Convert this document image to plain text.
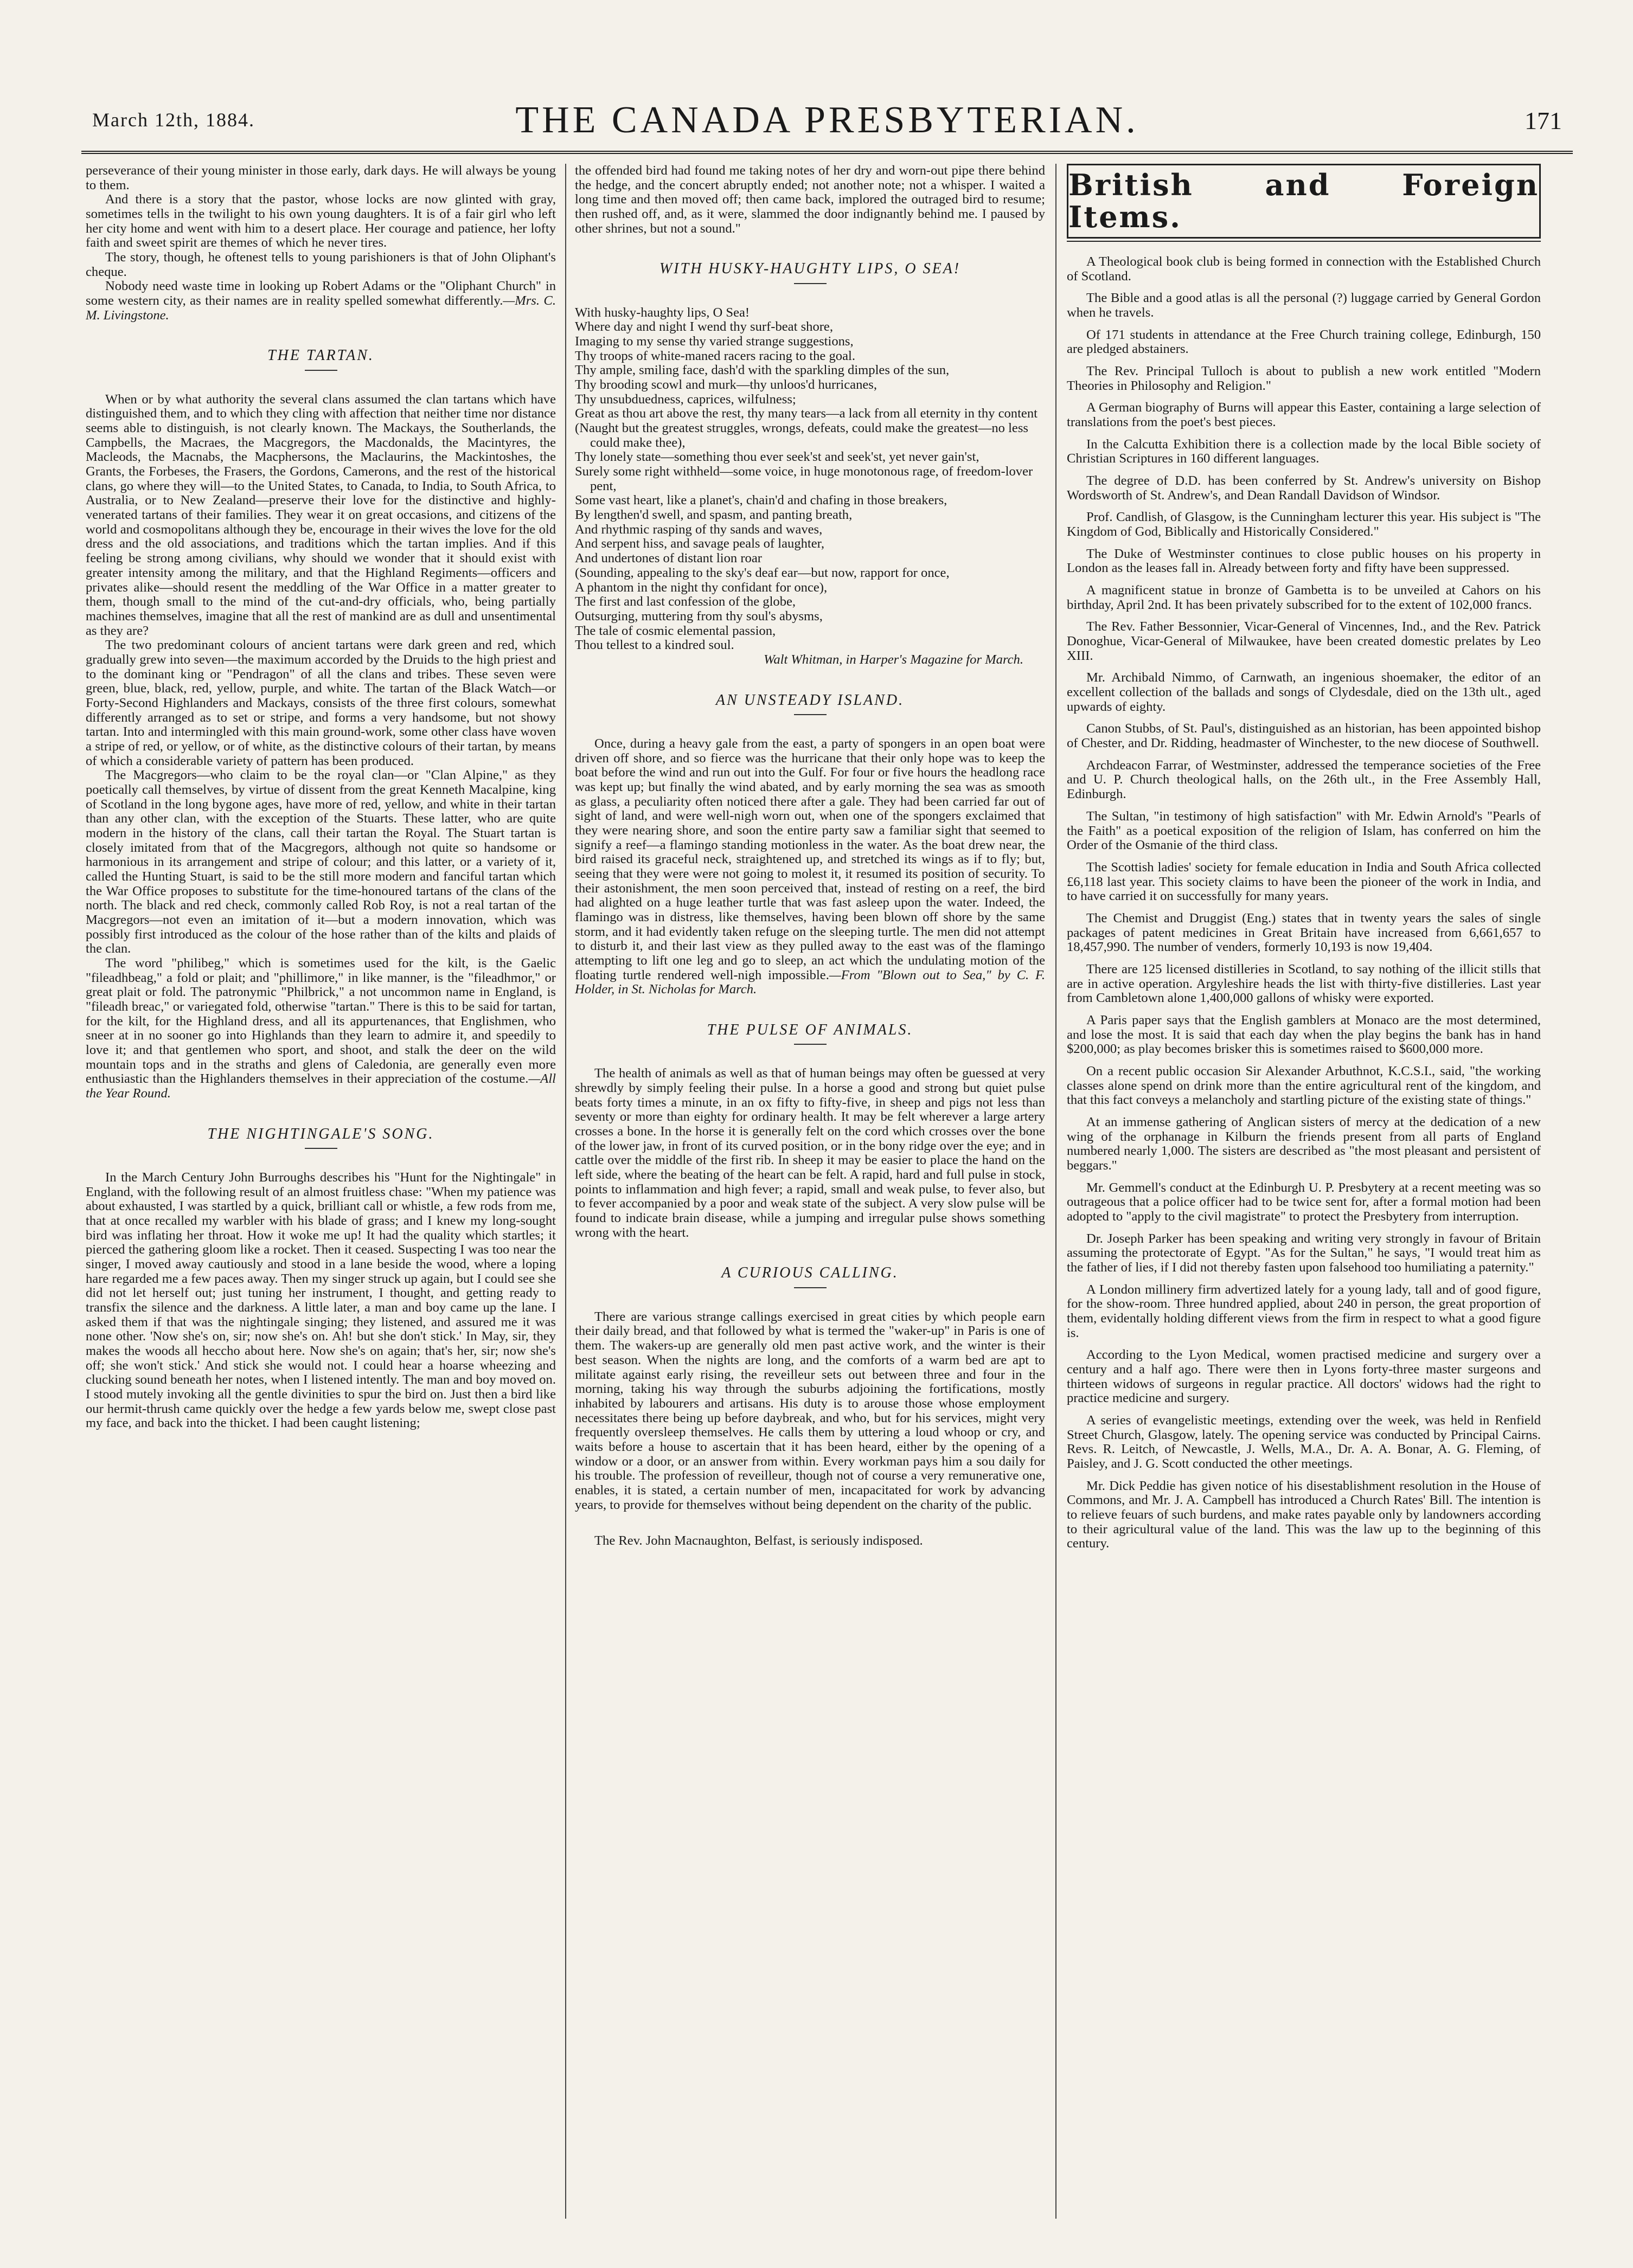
March 12th, 1884.	THE CANADA PRESBYTERIAN.	171

perseverance of their young minister in those early, dark days. He will always be young to them.

And there is a story that the pastor, whose locks are now glinted with gray, sometimes tells in the twilight to his own young daughters. It is of a fair girl who left her city home and went with him to a desert place. Her courage and patience, her lofty faith and sweet spirit are themes of which he never tires.

The story, though, he oftenest tells to young parishioners is that of John Oliphant's cheque.

Nobody need waste time in looking up Robert Adams or the "Oliphant Church" in some western city, as their names are in reality spelled somewhat differently.—Mrs. C. M. Livingstone.

THE TARTAN.

When or by what authority the several clans assumed the clan tartans which have distinguished them, and to which they cling with affection that neither time nor distance seems able to distinguish, is not clearly known. The Mackays, the Southerlands, the Campbells, the Macraes, the Macgregors, the Macdonalds, the Macintyres, the Macleods, the Macnabs, the Macphersons, the Maclaurins, the Mackintoshes, the Grants, the Forbeses, the Frasers, the Gordons, Camerons, and the rest of the historical clans, go where they will—to the United States, to Canada, to India, to South Africa, to Australia, or to New Zealand—preserve their love for the distinctive and highly-venerated tartans of their families. They wear it on great occasions, and citizens of the world and cosmopolitans although they be, encourage in their wives the love for the old dress and the old associations, and traditions which the tartan implies. And if this feeling be strong among civilians, why should we wonder that it should exist with greater intensity among the military, and that the Highland Regiments—officers and privates alike—should resent the meddling of the War Office in a matter greater to them, though small to the mind of the cut-and-dry officials, who, being partially machines themselves, imagine that all the rest of mankind are as dull and unsentimental as they are?

The two predominant colours of ancient tartans were dark green and red, which gradually grew into seven—the maximum accorded by the Druids to the high priest and to the dominant king or "Pendragon" of all the clans and tribes. These seven were green, blue, black, red, yellow, purple, and white. The tartan of the Black Watch—or Forty-Second Highlanders and Mackays, consists of the three first colours, somewhat differently arranged as to set or stripe, and forms a very handsome, but not showy tartan. Into and intermingled with this main ground-work, some other class have woven a stripe of red, or yellow, or of white, as the distinctive colours of their tartan, by means of which a considerable variety of pattern has been produced.

The Macgregors—who claim to be the royal clan—or "Clan Alpine," as they poetically call themselves, by virtue of dissent from the great Kenneth Macalpine, king of Scotland in the long bygone ages, have more of red, yellow, and white in their tartan than any other clan, with the exception of the Stuarts. These latter, who are quite modern in the history of the clans, call their tartan the Royal. The Stuart tartan is closely imitated from that of the Macgregors, although not quite so handsome or harmonious in its arrangement and stripe of colour; and this latter, or a variety of it, called the Hunting Stuart, is said to be the still more modern and fanciful tartan which the War Office proposes to substitute for the time-honoured tartans of the clans of the north. The black and red check, commonly called Rob Roy, is not a real tartan of the Macgregors—not even an imitation of it—but a modern innovation, which was possibly first introduced as the colour of the hose rather than of the kilts and plaids of the clan.

The word "philibeg," which is sometimes used for the kilt, is the Gaelic "fileadhbeag," a fold or plait; and "phillimore," in like manner, is the "fileadhmor," or great plait or fold. The patronymic "Philbrick," a not uncommon name in England, is "fileadh breac," or variegated fold, otherwise "tartan." There is this to be said for tartan, for the kilt, for the Highland dress, and all its appurtenances, that Englishmen, who sneer at in no sooner go into Highlands than they learn to admire it, and speedily to love it; and that gentlemen who sport, and shoot, and stalk the deer on the wild mountain tops and in the straths and glens of Caledonia, are generally even more enthusiastic than the Highlanders themselves in their appreciation of the costume.—All the Year Round.

THE NIGHTINGALE'S SONG.

In the March Century John Burroughs describes his "Hunt for the Nightingale" in England, with the following result of an almost fruitless chase: "When my patience was about exhausted, I was startled by a quick, brilliant call or whistle, a few rods from me, that at once recalled my warbler with his blade of grass; and I knew my long-sought bird was inflating her throat. How it woke me up! It had the quality which startles; it pierced the gathering gloom like a rocket. Then it ceased. Suspecting I was too near the singer, I moved away cautiously and stood in a lane beside the wood, where a loping hare regarded me a few paces away. Then my singer struck up again, but I could see she did not let herself out; just tuning her instrument, I thought, and getting ready to transfix the silence and the darkness. A little later, a man and boy came up the lane. I asked them if that was the nightingale singing; they listened, and assured me it was none other. 'Now she's on, sir; now she's on. Ah! but she don't stick.' In May, sir, they makes the woods all heccho about here. Now she's on again; that's her, sir; now she's off; she won't stick.' And stick she would not. I could hear a hoarse wheezing and clucking sound beneath her notes, when I listened intently. The man and boy moved on. I stood mutely invoking all the gentle divinities to spur the bird on. Just then a bird like our hermit-thrush came quickly over the hedge a few yards below me, swept close past my face, and back into the thicket. I had been caught listening;

the offended bird had found me taking notes of her dry and worn-out pipe there behind the hedge, and the concert abruptly ended; not another note; not a whisper. I waited a long time and then moved off; then came back, implored the outraged bird to resume; then rushed off, and, as it were, slammed the door indignantly behind me. I paused by other shrines, but not a sound."

WITH HUSKY-HAUGHTY LIPS, O SEA!

With husky-haughty lips, O Sea!

Where day and night I wend thy surf-beat shore,

Imaging to my sense thy varied strange suggestions,

Thy troops of white-maned racers racing to the goal.

Thy ample, smiling face, dash'd with the sparkling dimples of the sun,

Thy brooding scowl and murk—thy unloos'd hurricanes,

Thy unsubduedness, caprices, wilfulness;

Great as thou art above the rest, thy many tears—a lack from all eternity in thy content

(Naught but the greatest struggles, wrongs, defeats, could make the greatest—no less could make thee),

Thy lonely state—something thou ever seek'st and seek'st, yet never gain'st,

Surely some right withheld—some voice, in huge monotonous rage, of freedom-lover pent,

Some vast heart, like a planet's, chain'd and chafing in those breakers,

By lengthen'd swell, and spasm, and panting breath,

And rhythmic rasping of thy sands and waves,

And serpent hiss, and savage peals of laughter,

And undertones of distant lion roar

(Sounding, appealing to the sky's deaf ear—but now, rapport for once,

A phantom in the night thy confidant for once),

The first and last confession of the globe,

Outsurging, muttering from thy soul's abysms,

The tale of cosmic elemental passion,

Thou tellest to a kindred soul.

Walt Whitman, in Harper's Magazine for March.
AN UNSTEADY ISLAND.

Once, during a heavy gale from the east, a party of spongers in an open boat were driven off shore, and so fierce was the hurricane that their only hope was to keep the boat before the wind and run out into the Gulf. For four or five hours the headlong race was kept up; but finally the wind abated, and by early morning the sea was as smooth as glass, a peculiarity often noticed there after a gale. They had been carried far out of sight of land, and were well-nigh worn out, when one of the spongers exclaimed that they were nearing shore, and soon the entire party saw a familiar sight that seemed to signify a reef—a flamingo standing motionless in the water. As the boat drew near, the bird raised its graceful neck, straightened up, and stretched its wings as if to fly; but, seeing that they were were not going to molest it, it resumed its position of security. To their astonishment, the men soon perceived that, instead of resting on a reef, the bird had alighted on a huge leather turtle that was fast asleep upon the water. Indeed, the flamingo was in distress, like themselves, having been blown off shore by the same storm, and it had evidently taken refuge on the sleeping turtle. The men did not attempt to disturb it, and their last view as they pulled away to the east was of the flamingo attempting to lift one leg and go to sleep, an act which the undulating motion of the floating turtle rendered well-nigh impossible.—From "Blown out to Sea," by C. F. Holder, in St. Nicholas for March.

THE PULSE OF ANIMALS.

The health of animals as well as that of human beings may often be guessed at very shrewdly by simply feeling their pulse. In a horse a good and strong but quiet pulse beats forty times a minute, in an ox fifty to fifty-five, in sheep and pigs not less than seventy or more than eighty for ordinary health. It may be felt wherever a large artery crosses a bone. In the horse it is generally felt on the cord which crosses over the bone of the lower jaw, in front of its curved position, or in the bony ridge over the eye; and in cattle over the middle of the first rib. In sheep it may be easier to place the hand on the left side, where the beating of the heart can be felt. A rapid, hard and full pulse in stock, points to inflammation and high fever; a rapid, small and weak pulse, to fever also, but to fever accompanied by a poor and weak state of the subject. A very slow pulse will be found to indicate brain disease, while a jumping and irregular pulse shows something wrong with the heart.

A CURIOUS CALLING.

There are various strange callings exercised in great cities by which people earn their daily bread, and that followed by what is termed the "waker-up" in Paris is one of them. The wakers-up are generally old men past active work, and the winter is their best season. When the nights are long, and the comforts of a warm bed are apt to militate against early rising, the reveilleur sets out between three and four in the morning, taking his way through the suburbs adjoining the fortifications, mostly inhabited by labourers and artisans. His duty is to arouse those whose employment necessitates there being up before daybreak, and who, but for his services, might very frequently oversleep themselves. He calls them by uttering a loud whoop or cry, and waits before a house to ascertain that it has been heard, either by the opening of a window or a door, or an answer from within. Every workman pays him a sou daily for his trouble. The profession of reveilleur, though not of course a very remunerative one, enables, it is stated, a certain number of men, incapacitated for work by advancing years, to provide for themselves without being dependent on the charity of the public.

The Rev. John Macnaughton, Belfast, is seriously indisposed.

British and Foreign Items.

A Theological book club is being formed in connection with the Established Church of Scotland.

The Bible and a good atlas is all the personal (?) luggage carried by General Gordon when he travels.

Of 171 students in attendance at the Free Church training college, Edinburgh, 150 are pledged abstainers.

The Rev. Principal Tulloch is about to publish a new work entitled "Modern Theories in Philosophy and Religion."

A German biography of Burns will appear this Easter, containing a large selection of translations from the poet's best pieces.

In the Calcutta Exhibition there is a collection made by the local Bible society of Christian Scriptures in 160 different languages.

The degree of D.D. has been conferred by St. Andrew's university on Bishop Wordsworth of St. Andrew's, and Dean Randall Davidson of Windsor.

Prof. Candlish, of Glasgow, is the Cunningham lecturer this year. His subject is "The Kingdom of God, Biblically and Historically Considered."

The Duke of Westminster continues to close public houses on his property in London as the leases fall in. Already between forty and fifty have been suppressed.

A magnificent statue in bronze of Gambetta is to be unveiled at Cahors on his birthday, April 2nd. It has been privately subscribed for to the extent of 102,000 francs.

The Rev. Father Bessonnier, Vicar-General of Vincennes, Ind., and the Rev. Patrick Donoghue, Vicar-General of Milwaukee, have been created domestic prelates by Leo XIII.

Mr. Archibald Nimmo, of Carnwath, an ingenious shoemaker, the editor of an excellent collection of the ballads and songs of Clydesdale, died on the 13th ult., aged upwards of eighty.

Canon Stubbs, of St. Paul's, distinguished as an historian, has been appointed bishop of Chester, and Dr. Ridding, headmaster of Winchester, to the new diocese of Southwell.

Archdeacon Farrar, of Westminster, addressed the temperance societies of the Free and U. P. Church theological halls, on the 26th ult., in the Free Assembly Hall, Edinburgh.

The Sultan, "in testimony of high satisfaction" with Mr. Edwin Arnold's "Pearls of the Faith" as a poetical exposition of the religion of Islam, has conferred on him the Order of the Osmanie of the third class.

The Scottish ladies' society for female education in India and South Africa collected £6,118 last year. This society claims to have been the pioneer of the work in India, and to have carried it on successfully for many years.

The Chemist and Druggist (Eng.) states that in twenty years the sales of single packages of patent medicines in Great Britain have increased from 6,661,657 to 18,457,990. The number of venders, formerly 10,193 is now 19,404.

There are 125 licensed distilleries in Scotland, to say nothing of the illicit stills that are in active operation. Argyleshire heads the list with thirty-five distilleries. Last year from Cambletown alone 1,400,000 gallons of whisky were exported.

A Paris paper says that the English gamblers at Monaco are the most determined, and lose the most. It is said that each day when the play begins the bank has in hand $200,000; as play becomes brisker this is sometimes raised to $600,000 more.

On a recent public occasion Sir Alexander Arbuthnot, K.C.S.I., said, "the working classes alone spend on drink more than the entire agricultural rent of the kingdom, and that this fact conveys a melancholy and startling picture of the existing state of things."

At an immense gathering of Anglican sisters of mercy at the dedication of a new wing of the orphanage in Kilburn the friends present from all parts of England numbered nearly 1,000. The sisters are described as "the most pleasant and persistent of beggars."

Mr. Gemmell's conduct at the Edinburgh U. P. Presbytery at a recent meeting was so outrageous that a police officer had to be twice sent for, after a formal motion had been adopted to "apply to the civil magistrate" to protect the Presbytery from interruption.

Dr. Joseph Parker has been speaking and writing very strongly in favour of Britain assuming the protectorate of Egypt. "As for the Sultan," he says, "I would treat him as the father of lies, if I did not thereby fasten upon falsehood too humiliating a paternity."

A London millinery firm advertized lately for a young lady, tall and of good figure, for the show-room. Three hundred applied, about 240 in person, the great proportion of them, evidentally holding different views from the firm in respect to what a good figure is.

According to the Lyon Medical, women practised medicine and surgery over a century and a half ago. There were then in Lyons forty-three master surgeons and thirteen widows of surgeons in regular practice. All doctors' widows had the right to practice medicine and surgery.

A series of evangelistic meetings, extending over the week, was held in Renfield Street Church, Glasgow, lately. The opening service was conducted by Principal Cairns. Revs. R. Leitch, of Newcastle, J. Wells, M.A., Dr. A. A. Bonar, A. G. Fleming, of Paisley, and J. G. Scott conducted the other meetings.

Mr. Dick Peddie has given notice of his disestablishment resolution in the House of Commons, and Mr. J. A. Campbell has introduced a Church Rates' Bill. The intention is to relieve feuars of such burdens, and make rates payable only by landowners according to their agricultural value of the land. This was the law up to the beginning of this century.
